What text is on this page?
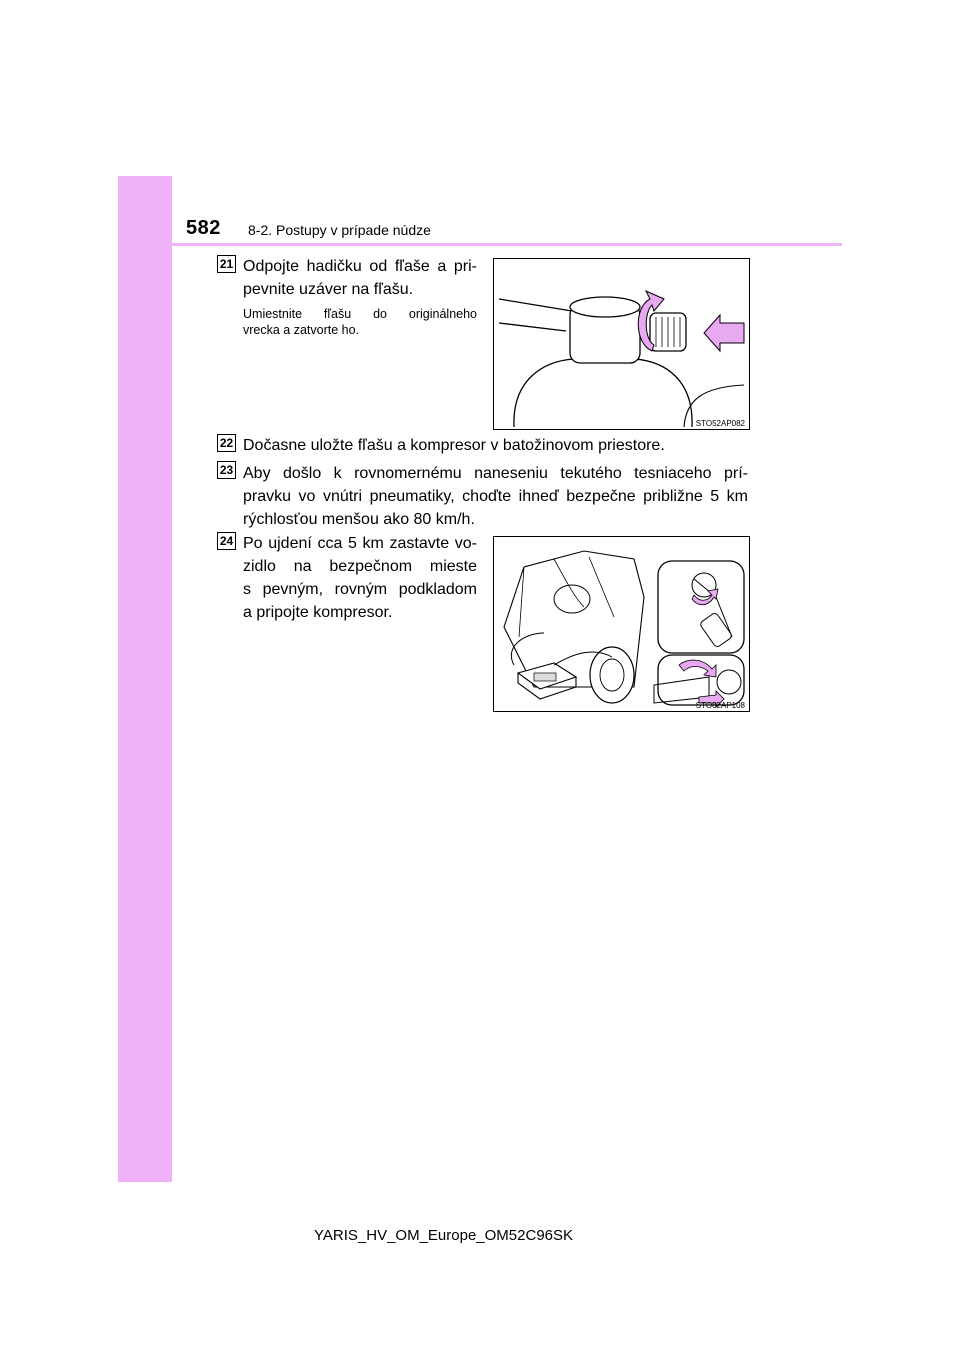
582 8-2. Postupy v prípade núdze
21 Odpojte hadičku od fľaše a pri-
pevnite uzáver na fľašu.
Umiestnite fľašu do originálneho
vrecka a zatvorte ho.
STO52AP082
22 Dočasne uložte fľašu a kompresor v batožinovom priestore.
23 Aby došlo k rovnomernému naneseniu tekutého tesniaceho prí-
pravku vo vnútri pneumatiky, choďte ihneď bezpečne približne 5 km
rýchlosťou menšou ako 80 km/h.
24 Po ujdení cca 5 km zastavte vo-
zidlo na bezpečnom mieste
s pevným, rovným podkladom
a pripojte kompresor.
STO82AP108
YARIS_HV_OM_Europe_OM52C96SK
